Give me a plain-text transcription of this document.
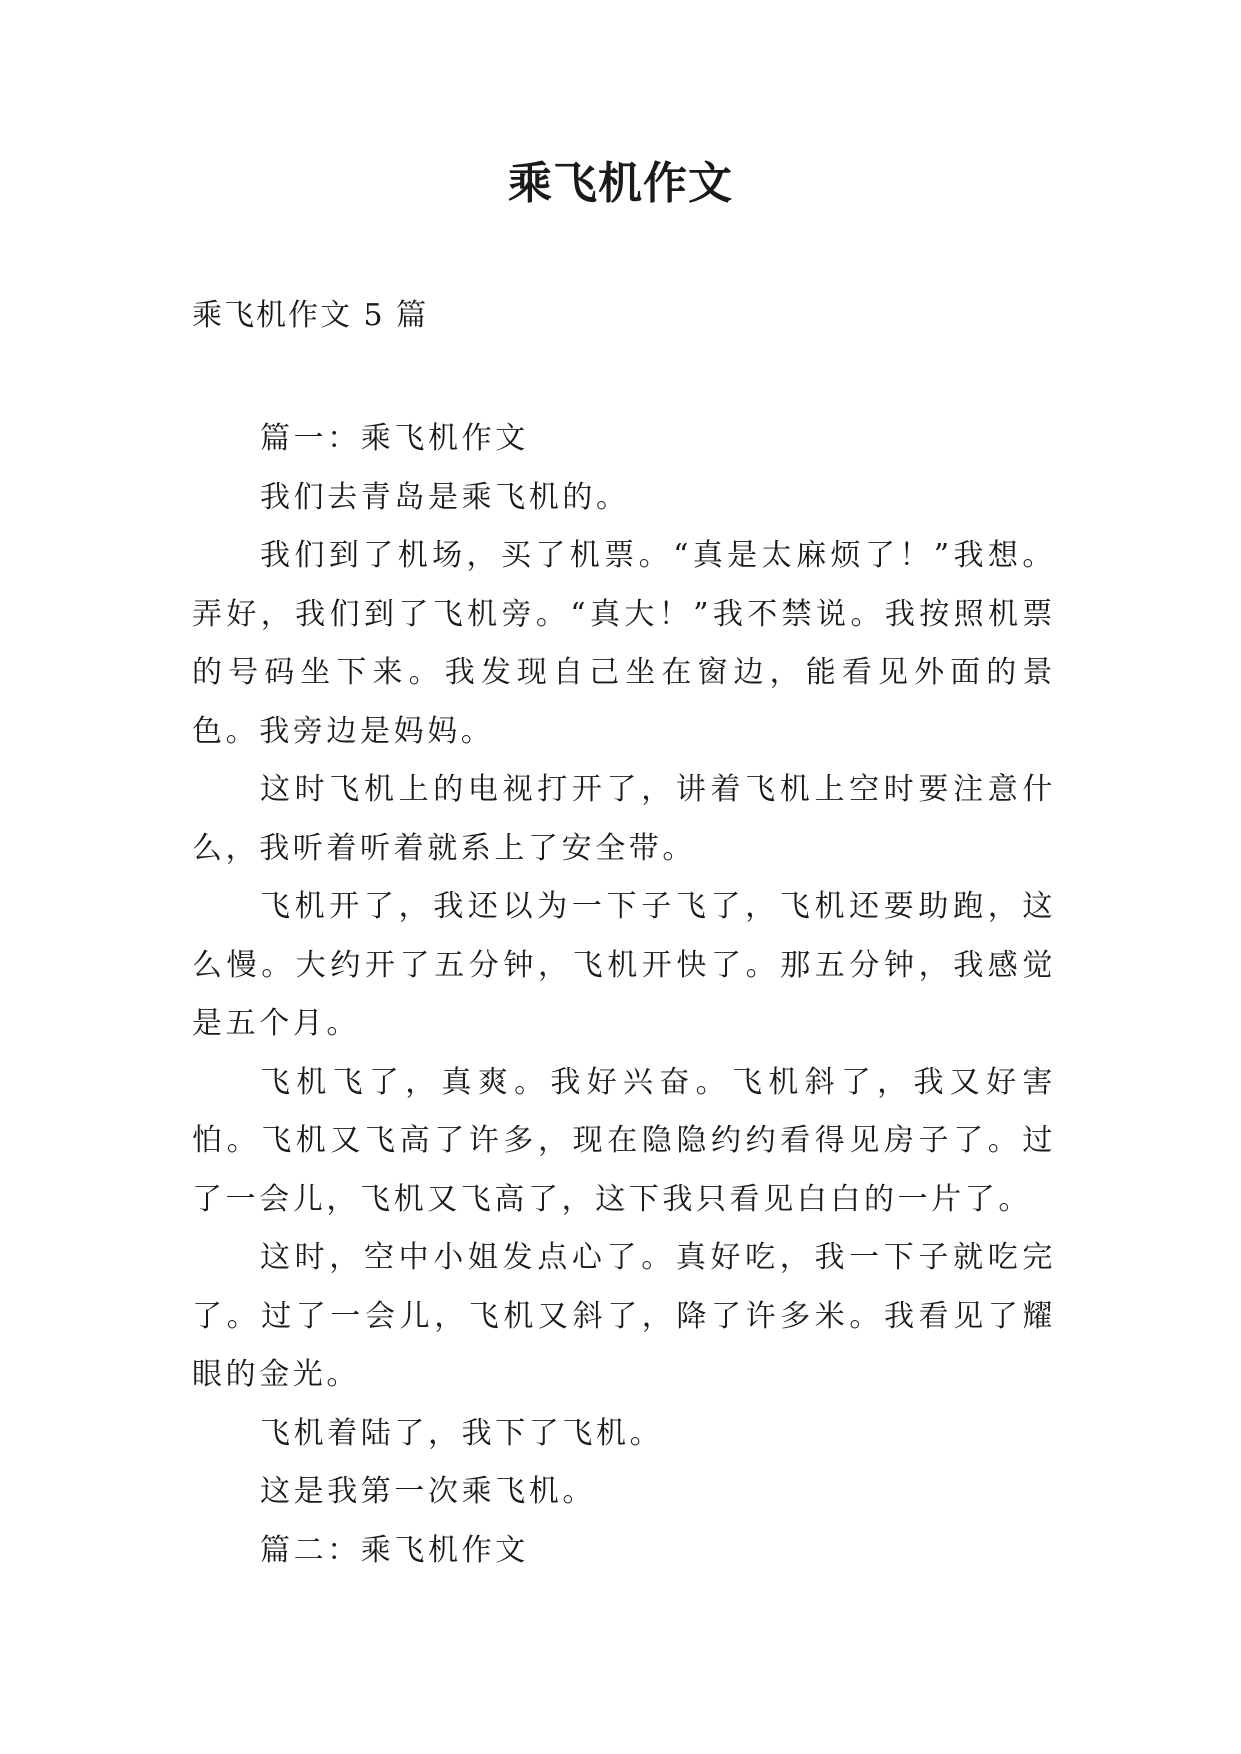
乘飞机作文
乘飞机作文 5 篇

篇一：乘飞机作文

我们去青岛是乘飞机的。

我们到了机场，买了机票。“真是太麻烦了！”我想。弄好，我们到了飞机旁。“真大！”我不禁说。我按照机票的号码坐下来。我发现自己坐在窗边，能看见外面的景色。我旁边是妈妈。

这时飞机上的电视打开了，讲着飞机上空时要注意什么，我听着听着就系上了安全带。

飞机开了，我还以为一下子飞了，飞机还要助跑，这么慢。大约开了五分钟，飞机开快了。那五分钟，我感觉是五个月。

飞机飞了，真爽。我好兴奋。飞机斜了，我又好害怕。飞机又飞高了许多，现在隐隐约约看得见房子了。过了一会儿，飞机又飞高了，这下我只看见白白的一片了。

这时，空中小姐发点心了。真好吃，我一下子就吃完了。过了一会儿，飞机又斜了，降了许多米。我看见了耀眼的金光。

飞机着陆了，我下了飞机。

这是我第一次乘飞机。

篇二：乘飞机作文
